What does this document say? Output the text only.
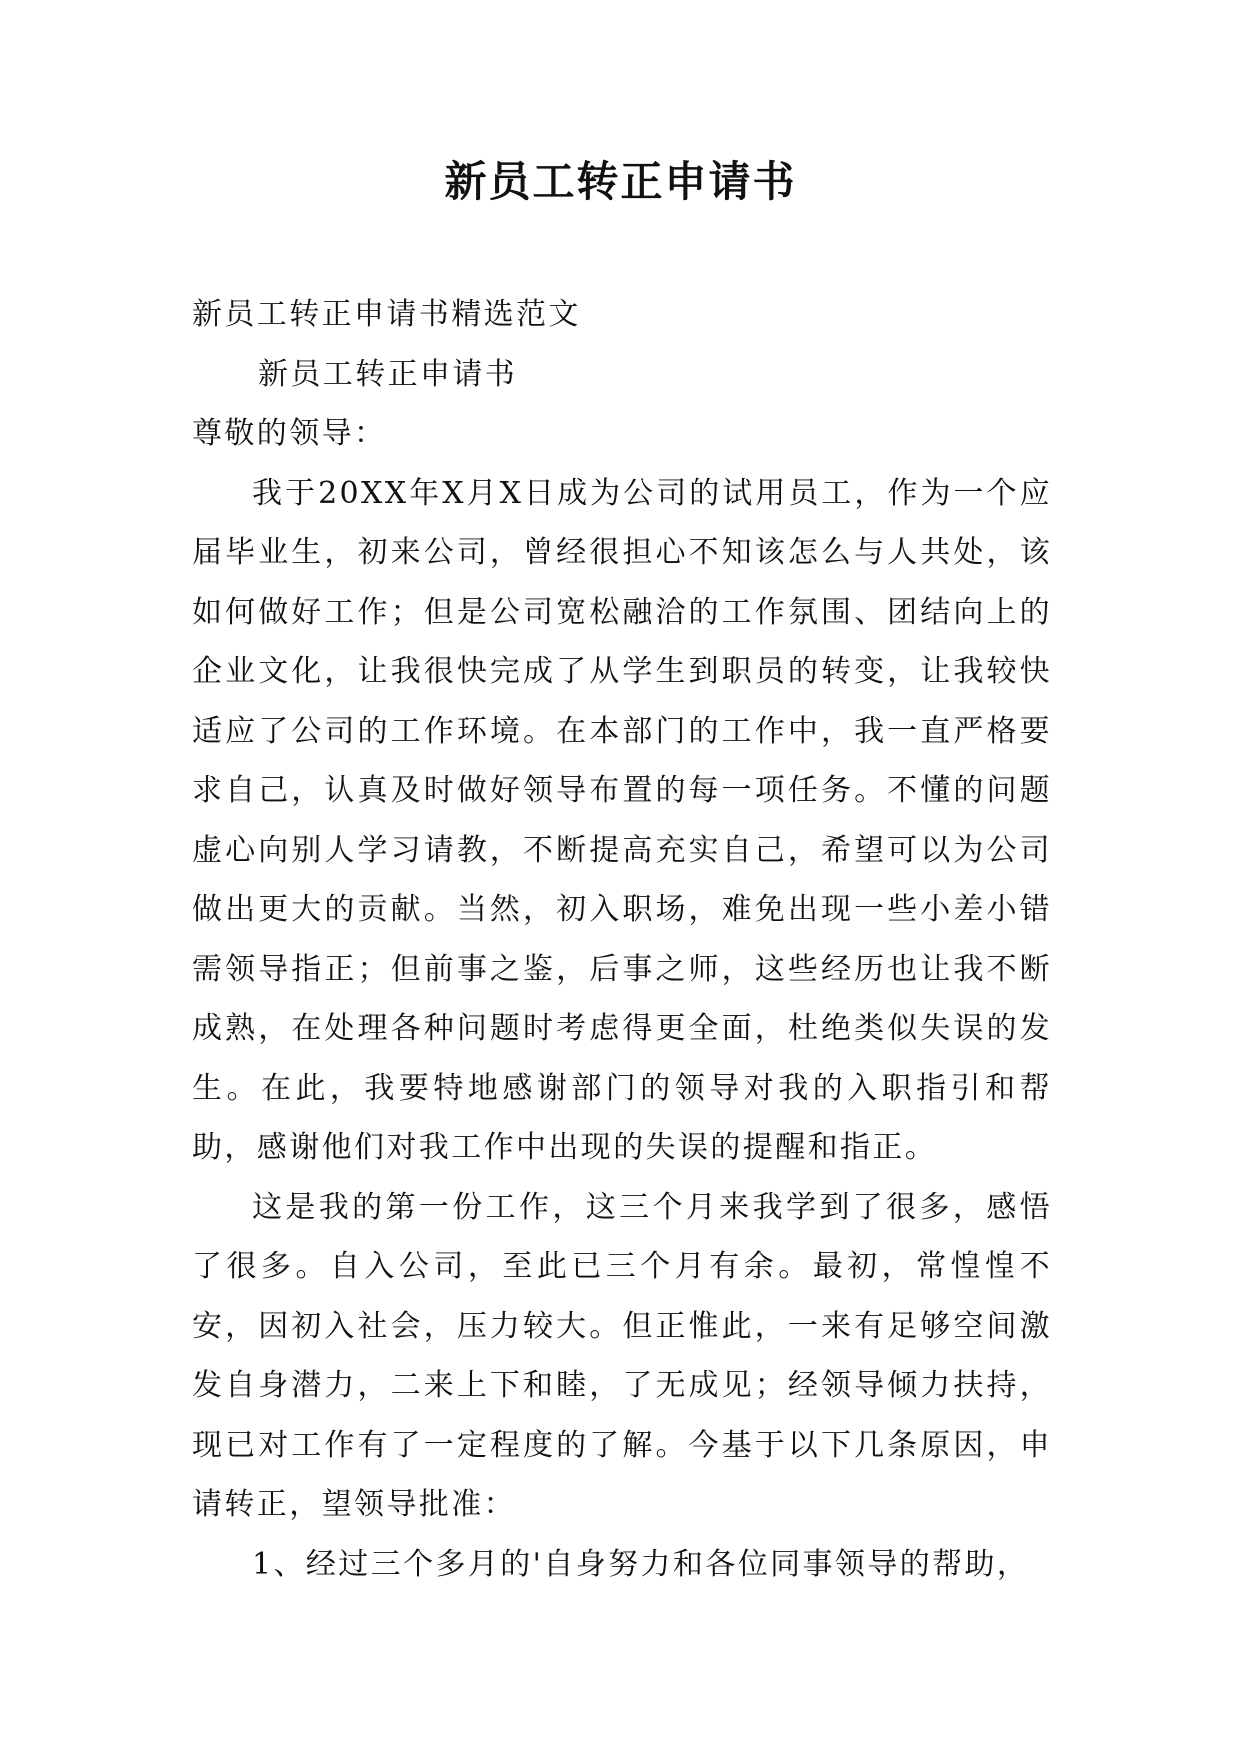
新员工转正申请书

新员工转正申请书精选范文

新员工转正申请书

尊敬的领导：

我于20XX年X月X日成为公司的试用员工，作为一个应届毕业生，初来公司，曾经很担心不知该怎么与人共处，该如何做好工作；但是公司宽松融洽的工作氛围、团结向上的企业文化，让我很快完成了从学生到职员的转变，让我较快适应了公司的工作环境。在本部门的工作中，我一直严格要求自己，认真及时做好领导布置的每一项任务。不懂的问题虚心向别人学习请教，不断提高充实自己，希望可以为公司做出更大的贡献。当然，初入职场，难免出现一些小差小错需领导指正；但前事之鉴，后事之师，这些经历也让我不断成熟，在处理各种问题时考虑得更全面，杜绝类似失误的发生。在此，我要特地感谢部门的领导对我的入职指引和帮助，感谢他们对我工作中出现的失误的提醒和指正。

这是我的第一份工作，这三个月来我学到了很多，感悟了很多。自入公司，至此已三个月有余。最初，常惶惶不安，因初入社会，压力较大。但正惟此，一来有足够空间激发自身潜力，二来上下和睦，了无成见；经领导倾力扶持，现已对工作有了一定程度的了解。今基于以下几条原因，申请转正，望领导批准：

1、经过三个多月的'自身努力和各位同事领导的帮助，
